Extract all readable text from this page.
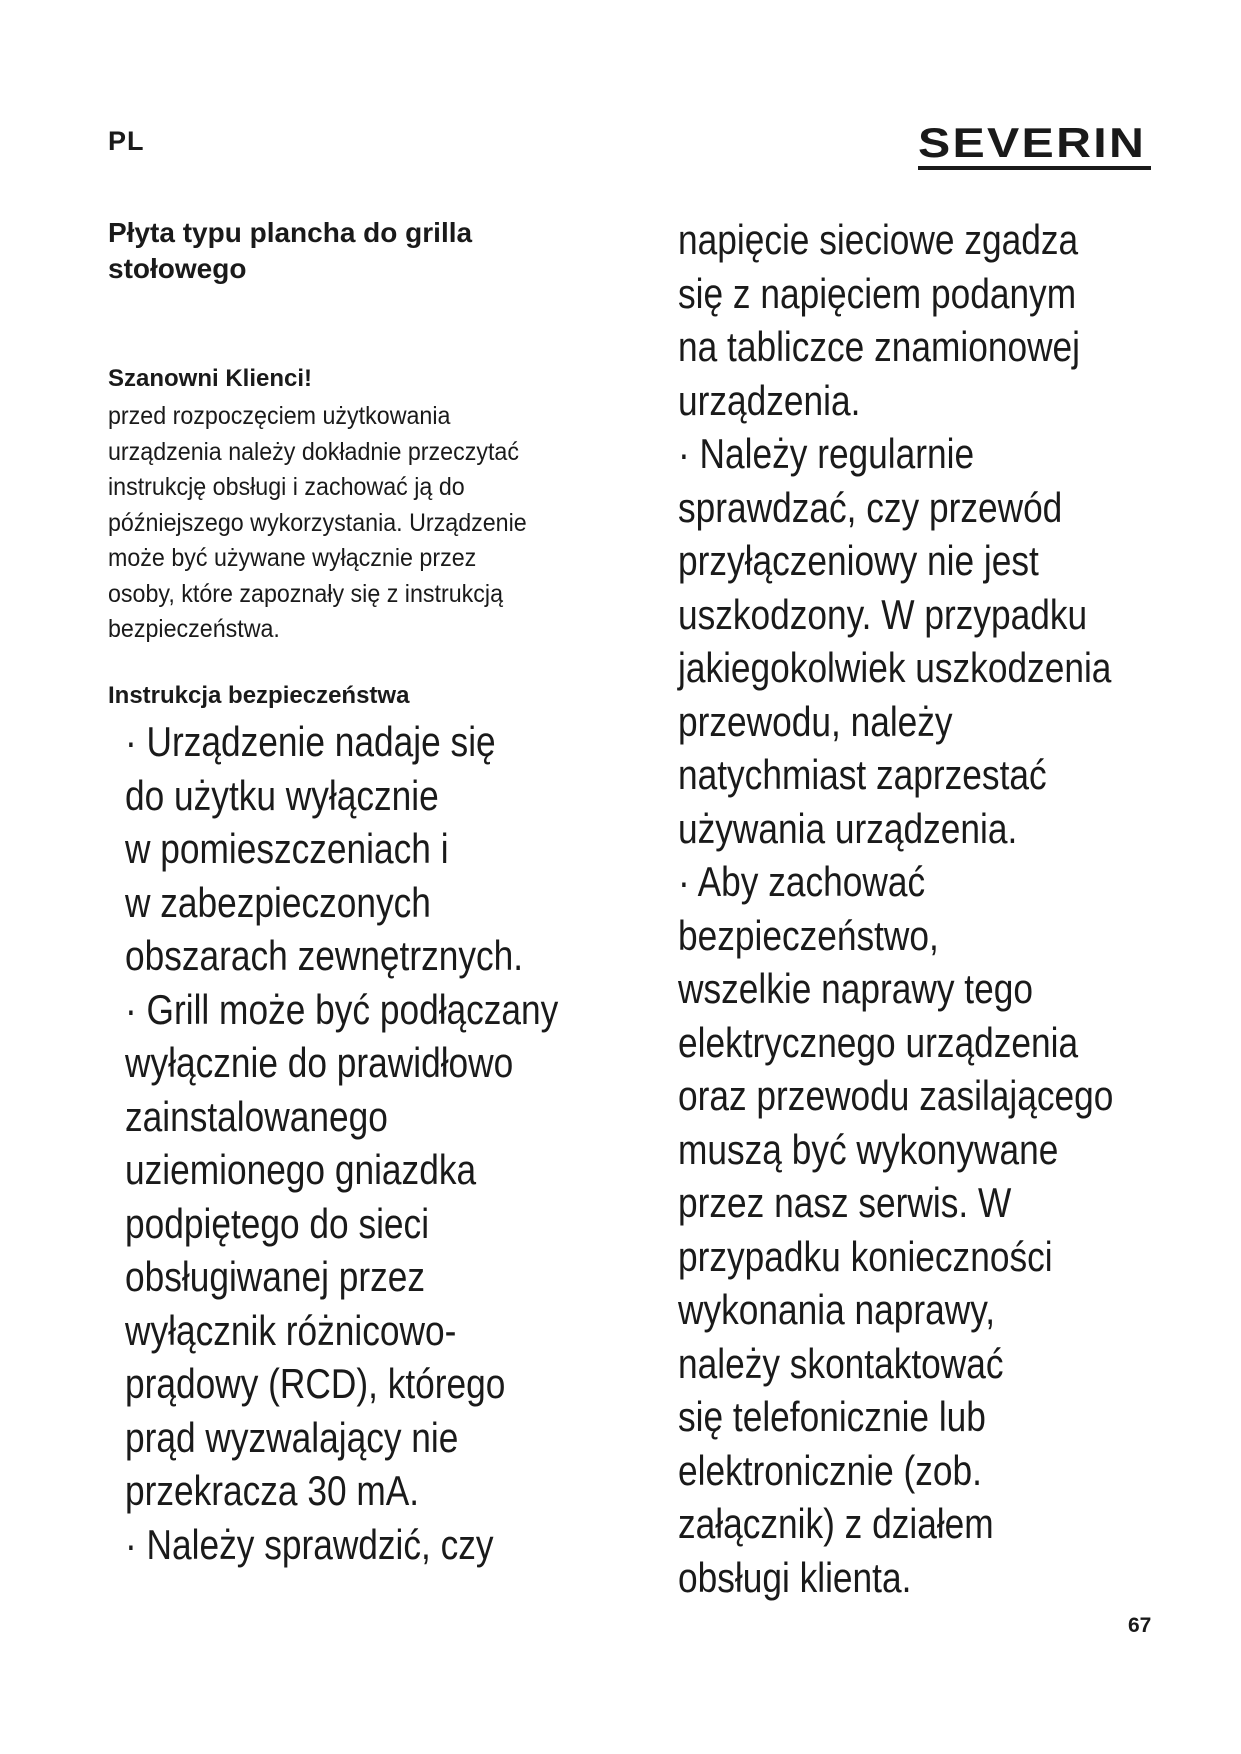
PL	SEVERIN
Płyta typu plancha do grilla
stołowego
Szanowni Klienci!
przed rozpoczęciem użytkowania
urządzenia należy dokładnie przeczytać
instrukcję obsługi i zachować ją do
późniejszego wykorzystania. Urządzenie
może być używane wyłącznie przez
osoby, które zapoznały się z instrukcją
bezpieczeństwa.
Instrukcja bezpieczeństwa
· Urządzenie nadaje się
do użytku wyłącznie
w pomieszczeniach i
w zabezpieczonych
obszarach zewnętrznych.
· Grill może być podłączany
wyłącznie do prawidłowo
zainstalowanego
uziemionego gniazdka
podpiętego do sieci
obsługiwanej przez
wyłącznik różnicowo-
prądowy (RCD), którego
prąd wyzwalający nie
przekracza 30 mA.
· Należy sprawdzić, czy
napięcie sieciowe zgadza
się z napięciem podanym
na tabliczce znamionowej
urządzenia.
· Należy regularnie
sprawdzać, czy przewód
przyłączeniowy nie jest
uszkodzony. W przypadku
jakiegokolwiek uszkodzenia
przewodu, należy
natychmiast zaprzestać
używania urządzenia.
· Aby zachować
bezpieczeństwo,
wszelkie naprawy tego
elektrycznego urządzenia
oraz przewodu zasilającego
muszą być wykonywane
przez nasz serwis. W
przypadku konieczności
wykonania naprawy,
należy skontaktować
się telefonicznie lub
elektronicznie (zob.
załącznik) z działem
obsługi klienta.
67
